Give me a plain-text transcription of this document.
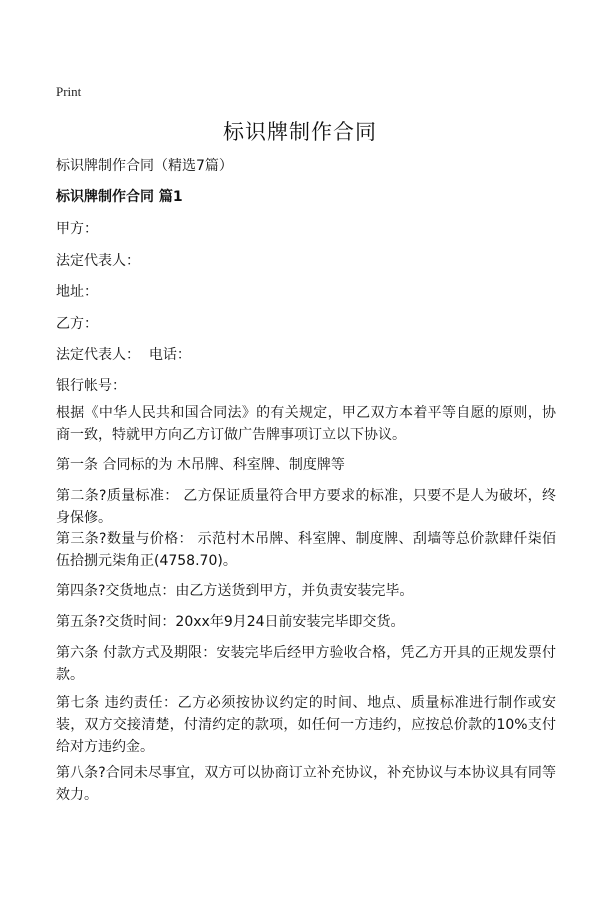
Print
标识牌制作合同
标识牌制作合同（精选7篇）
标识牌制作合同 篇1
甲方：
法定代表人：
地址：
乙方：
法定代表人：  电话：
银行帐号：
根据《中华人民共和国合同法》的有关规定，甲乙双方本着平等自愿的原则，协商一致，特就甲方向乙方订做广告牌事项订立以下协议。
第一条 合同标的为 木吊牌、科室牌、制度牌等
第二条?质量标准： 乙方保证质量符合甲方要求的标准，只要不是人为破坏，终身保修。
第三条?数量与价格： 示范村木吊牌、科室牌、制度牌、刮墙等总价款肆仟柒佰伍拾捌元柒角正(4758.70)。
第四条?交货地点：由乙方送货到甲方，并负责安装完毕。
第五条?交货时间：20xx年9月24日前安装完毕即交货。
第六条 付款方式及期限：安装完毕后经甲方验收合格，凭乙方开具的正规发票付款。
第七条 违约责任：乙方必须按协议约定的时间、地点、质量标准进行制作或安装，双方交接清楚，付清约定的款项，如任何一方违约，应按总价款的10%支付给对方违约金。
第八条?合同未尽事宜，双方可以协商订立补充协议，补充协议与本协议具有同等效力。
